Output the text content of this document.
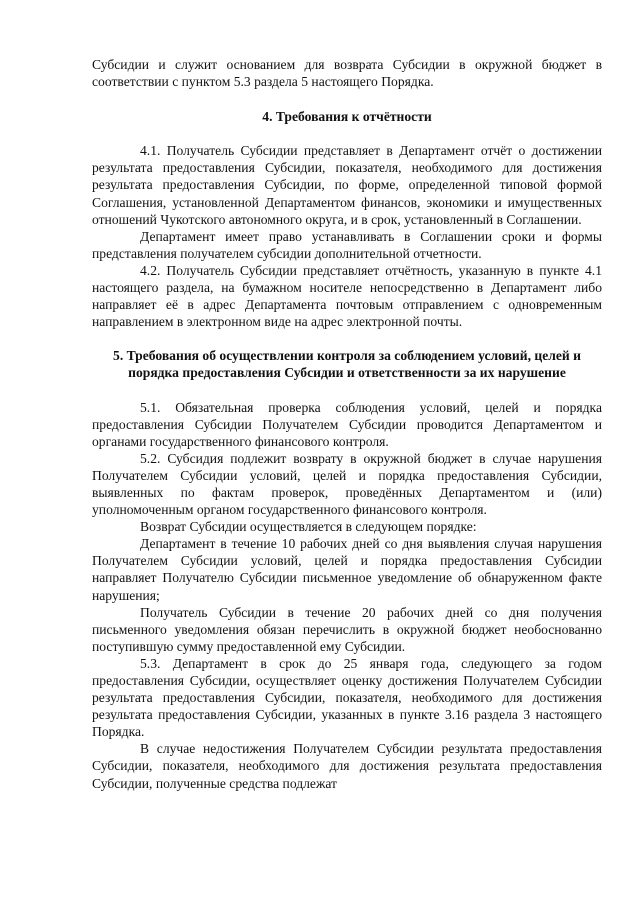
Субсидии и служит основанием для возврата Субсидии в окружной бюджет в соответствии с пунктом 5.3 раздела 5 настоящего Порядка.

4. Требования к отчётности

4.1. Получатель Субсидии представляет в Департамент отчёт о достижении результата предоставления Субсидии, показателя, необходимого для достижения результата предоставления Субсидии, по форме, определенной типовой формой Соглашения, установленной Департаментом финансов, экономики и имущественных отношений Чукотского автономного округа, и в срок, установленный в Соглашении.

Департамент имеет право устанавливать в Соглашении сроки и формы представления получателем субсидии дополнительной отчетности.

4.2. Получатель Субсидии представляет отчётность, указанную в пункте 4.1 настоящего раздела, на бумажном носителе непосредственно в Департамент либо направляет её в адрес Департамента почтовым отправлением с одновременным направлением в электронном виде на адрес электронной почты.

5. Требования об осуществлении контроля за соблюдением условий, целей и порядка предоставления Субсидии и ответственности за их нарушение

5.1. Обязательная проверка соблюдения условий, целей и порядка предоставления Субсидии Получателем Субсидии проводится Департаментом и органами государственного финансового контроля.

5.2. Субсидия подлежит возврату в окружной бюджет в случае нарушения Получателем Субсидии условий, целей и порядка предоставления Субсидии, выявленных по фактам проверок, проведённых Департаментом и (или) уполномоченным органом государственного финансового контроля.

Возврат Субсидии осуществляется в следующем порядке:

Департамент в течение 10 рабочих дней со дня выявления случая нарушения Получателем Субсидии условий, целей и порядка предоставления Субсидии направляет Получателю Субсидии письменное уведомление об обнаруженном факте нарушения;

Получатель Субсидии в течение 20 рабочих дней со дня получения письменного уведомления обязан перечислить в окружной бюджет необоснованно поступившую сумму предоставленной ему Субсидии.

5.3. Департамент в срок до 25 января года, следующего за годом предоставления Субсидии, осуществляет оценку достижения Получателем Субсидии результата предоставления Субсидии, показателя, необходимого для достижения результата предоставления Субсидии, указанных в пункте 3.16 раздела 3 настоящего Порядка.

В случае недостижения Получателем Субсидии результата предоставления Субсидии, показателя, необходимого для достижения результата предоставления Субсидии, полученные средства подлежат
